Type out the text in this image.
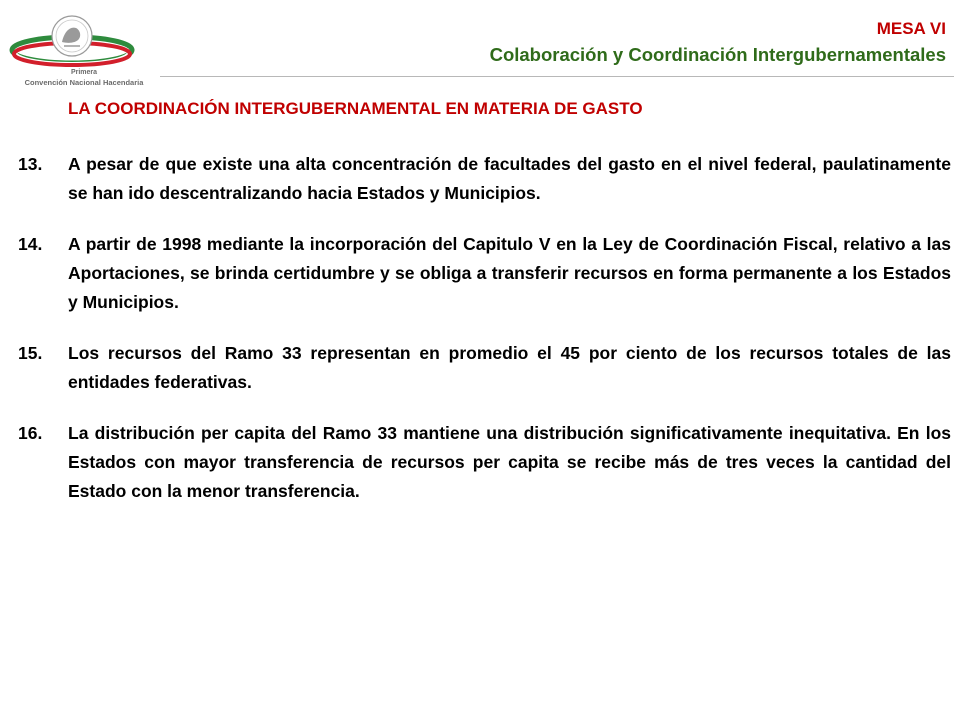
Primera
Convención Nacional Hacendaria
MESA VI
Colaboración y Coordinación Intergubernamentales
LA COORDINACIÓN INTERGUBERNAMENTAL EN MATERIA DE GASTO
13.	A pesar de que existe una alta concentración de facultades del gasto en el nivel federal, paulatinamente se han ido descentralizando hacia Estados y Municipios.
14.	A partir de 1998 mediante la incorporación del Capitulo V en la Ley de Coordinación Fiscal, relativo a las Aportaciones, se brinda certidumbre y se obliga a transferir recursos en forma permanente a los Estados y Municipios.
15.	Los recursos del Ramo 33 representan en promedio el 45 por ciento de los recursos totales de las entidades federativas.
16.	La distribución per capita del Ramo 33 mantiene una distribución significativamente inequitativa. En los Estados con mayor transferencia de recursos per capita se recibe más de tres veces la cantidad del Estado con la menor transferencia.
